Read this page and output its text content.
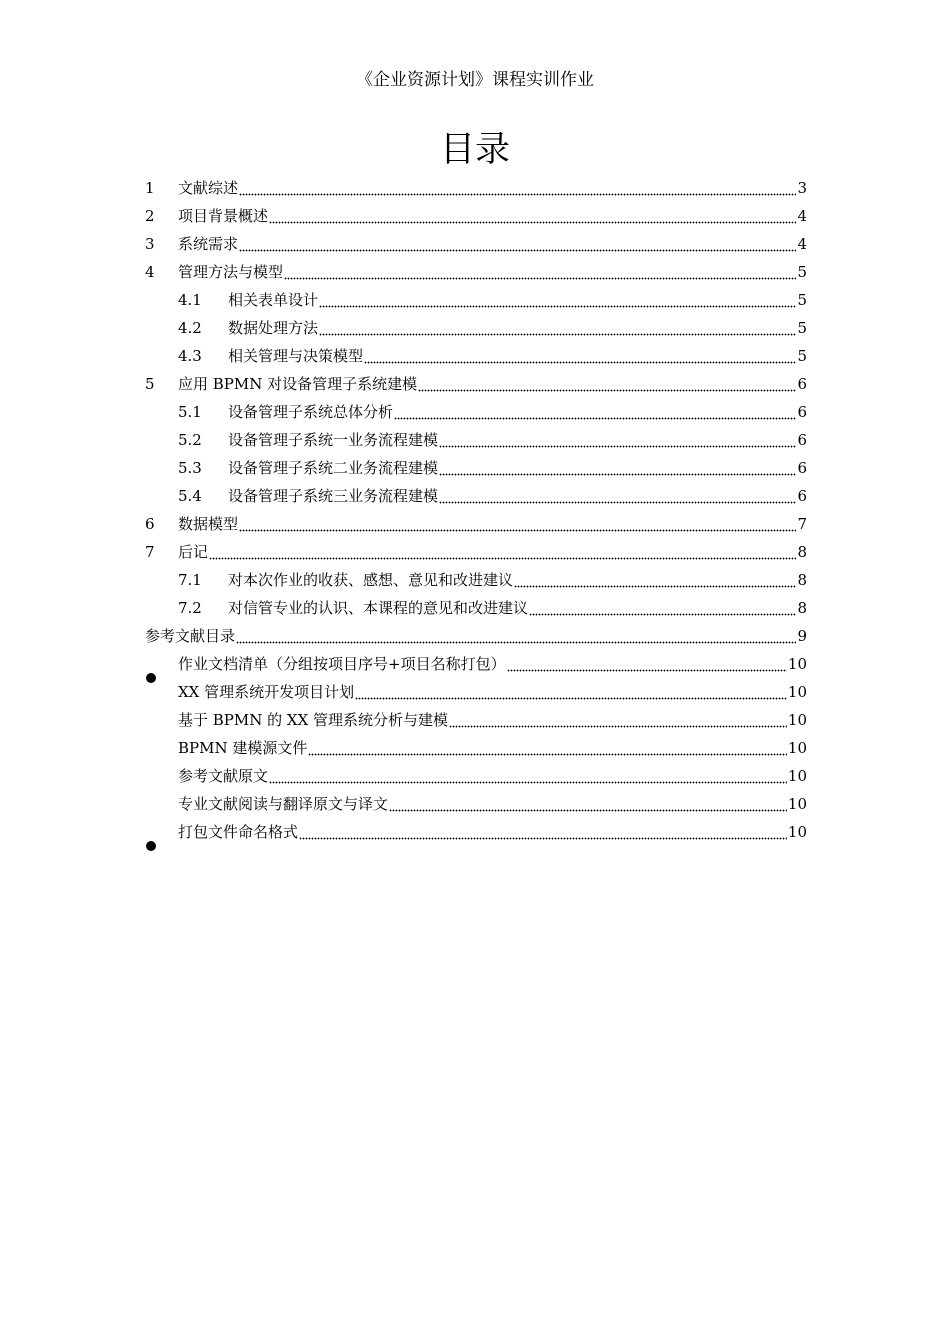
《企业资源计划》课程实训作业
目录
1	文献综述	3
2	项目背景概述	4
3	系统需求	4
4	管理方法与模型	5
4.1	相关表单设计	5
4.2	数据处理方法	5
4.3	相关管理与决策模型	5
5	应用 BPMN 对设备管理子系统建模	6
5.1	设备管理子系统总体分析	6
5.2	设备管理子系统一业务流程建模	6
5.3	设备管理子系统二业务流程建模	6
5.4	设备管理子系统三业务流程建模	6
6	数据模型	7
7	后记	8
7.1	对本次作业的收获、感想、意见和改进建议	8
7.2	对信管专业的认识、本课程的意见和改进建议	8
参考文献目录	9
作业文档清单（分组按项目序号+项目名称打包）	10
XX 管理系统开发项目计划	10
基于 BPMN 的 XX 管理系统分析与建模	10
BPMN 建模源文件	10
参考文献原文	10
专业文献阅读与翻译原文与译文	10
打包文件命名格式	10
